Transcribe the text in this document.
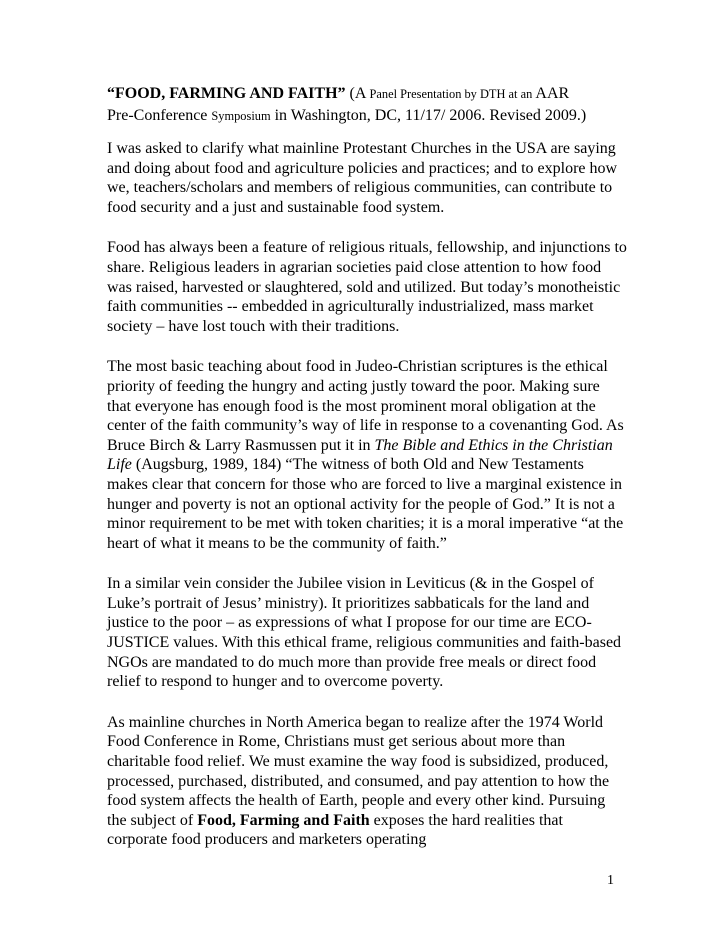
“FOOD, FARMING AND FAITH” (A Panel Presentation by DTH at an AAR
Pre-Conference Symposium in Washington, DC, 11/17/ 2006. Revised 2009.)

I was asked to clarify what mainline Protestant Churches in the USA are saying and doing about food and agriculture policies and practices; and to explore how we, teachers/scholars and members of religious communities, can contribute to food security and a just and sustainable food system.

Food has always been a feature of religious rituals, fellowship, and injunctions to share. Religious leaders in agrarian societies paid close attention to how food was raised, harvested or slaughtered, sold and utilized. But today’s monotheistic faith communities -- embedded in agriculturally industrialized, mass market society – have lost touch with their traditions.

The most basic teaching about food in Judeo-Christian scriptures is the ethical priority of feeding the hungry and acting justly toward the poor. Making sure that everyone has enough food is the most prominent moral obligation at the center of the faith community’s way of life in response to a covenanting God. As Bruce Birch & Larry Rasmussen put it in The Bible and Ethics in the Christian Life (Augsburg, 1989, 184) “The witness of both Old and New Testaments makes clear that concern for those who are forced to live a marginal existence in hunger and poverty is not an optional activity for the people of God.” It is not a minor requirement to be met with token charities; it is a moral imperative “at the heart of what it means to be the community of faith.”

In a similar vein consider the Jubilee vision in Leviticus (& in the Gospel of Luke’s portrait of Jesus’ ministry). It prioritizes sabbaticals for the land and justice to the poor – as expressions of what I propose for our time are ECO-JUSTICE values. With this ethical frame, religious communities and faith-based NGOs are mandated to do much more than provide free meals or direct food relief to respond to hunger and to overcome poverty.

As mainline churches in North America began to realize after the 1974 World Food Conference in Rome, Christians must get serious about more than charitable food relief. We must examine the way food is subsidized, produced, processed, purchased, distributed, and consumed, and pay attention to how the food system affects the health of Earth, people and every other kind. Pursuing the subject of Food, Farming and Faith exposes the hard realities that corporate food producers and marketers operating

1
